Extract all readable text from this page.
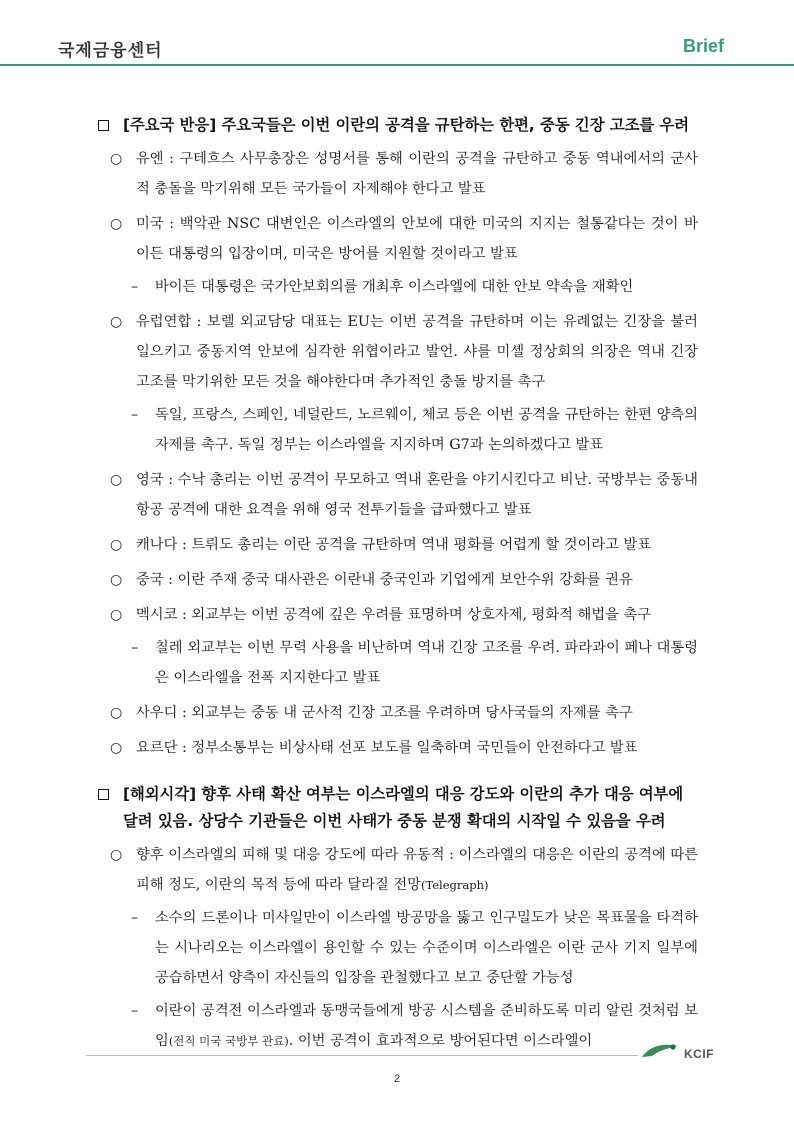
국제금융센터	Brief
[주요국 반응] 주요국들은 이번 이란의 공격을 규탄하는 한편, 중동 긴장 고조를 우려
○ 유엔 : 구테흐스 사무총장은 성명서를 통해 이란의 공격을 규탄하고 중동 역내에서의 군사적 충돌을 막기위해 모든 국가들이 자제해야 한다고 발표
○ 미국 : 백악관 NSC 대변인은 이스라엘의 안보에 대한 미국의 지지는 철통같다는 것이 바이든 대통령의 입장이며, 미국은 방어를 지원할 것이라고 발표
– 바이든 대통령은 국가안보회의를 개최후 이스라엘에 대한 안보 약속을 재확인
○ 유럽연합 : 보렐 외교담당 대표는 EU는 이번 공격을 규탄하며 이는 유례없는 긴장을 불러일으키고 중동지역 안보에 심각한 위협이라고 발언. 샤를 미셸 정상회의 의장은 역내 긴장 고조를 막기위한 모든 것을 해야한다며 추가적인 충돌 방지를 촉구
– 독일, 프랑스, 스페인, 네덜란드, 노르웨이, 체코 등은 이번 공격을 규탄하는 한편 양측의 자제를 촉구. 독일 정부는 이스라엘을 지지하며 G7과 논의하겠다고 발표
○ 영국 : 수낙 총리는 이번 공격이 무모하고 역내 혼란을 야기시킨다고 비난. 국방부는 중동내 항공 공격에 대한 요격을 위해 영국 전투기들을 급파했다고 발표
○ 캐나다 : 트뤼도 총리는 이란 공격을 규탄하며 역내 평화를 어렵게 할 것이라고 발표
○ 중국 : 이란 주재 중국 대사관은 이란내 중국인과 기업에게 보안수위 강화를 권유
○ 멕시코 : 외교부는 이번 공격에 깊은 우려를 표명하며 상호자제, 평화적 해법을 촉구
– 칠레 외교부는 이번 무력 사용을 비난하며 역내 긴장 고조를 우려. 파라과이 페나 대통령은 이스라엘을 전폭 지지한다고 발표
○ 사우디 : 외교부는 중동 내 군사적 긴장 고조를 우려하며 당사국들의 자제를 촉구
○ 요르단 : 정부소통부는 비상사태 선포 보도를 일축하며 국민들이 안전하다고 발표
[해외시각] 향후 사태 확산 여부는 이스라엘의 대응 강도와 이란의 추가 대응 여부에 달려 있음. 상당수 기관들은 이번 사태가 중동 분쟁 확대의 시작일 수 있음을 우려
○ 향후 이스라엘의 피해 및 대응 강도에 따라 유동적 : 이스라엘의 대응은 이란의 공격에 따른 피해 정도, 이란의 목적 등에 따라 달라질 전망(Telegraph)
– 소수의 드론이나 미사일만이 이스라엘 방공망을 뚫고 인구밀도가 낮은 목표물을 타격하는 시나리오는 이스라엘이 용인할 수 있는 수준이며 이스라엘은 이란 군사 기지 일부에 공습하면서 양측이 자신들의 입장을 관철했다고 보고 중단할 가능성
– 이란이 공격전 이스라엘과 동맹국들에게 방공 시스템을 준비하도록 미리 알린 것처럼 보임(전직 미국 국방부 관료). 이번 공격이 효과적으로 방어된다면 이스라엘이
KCIF
2
